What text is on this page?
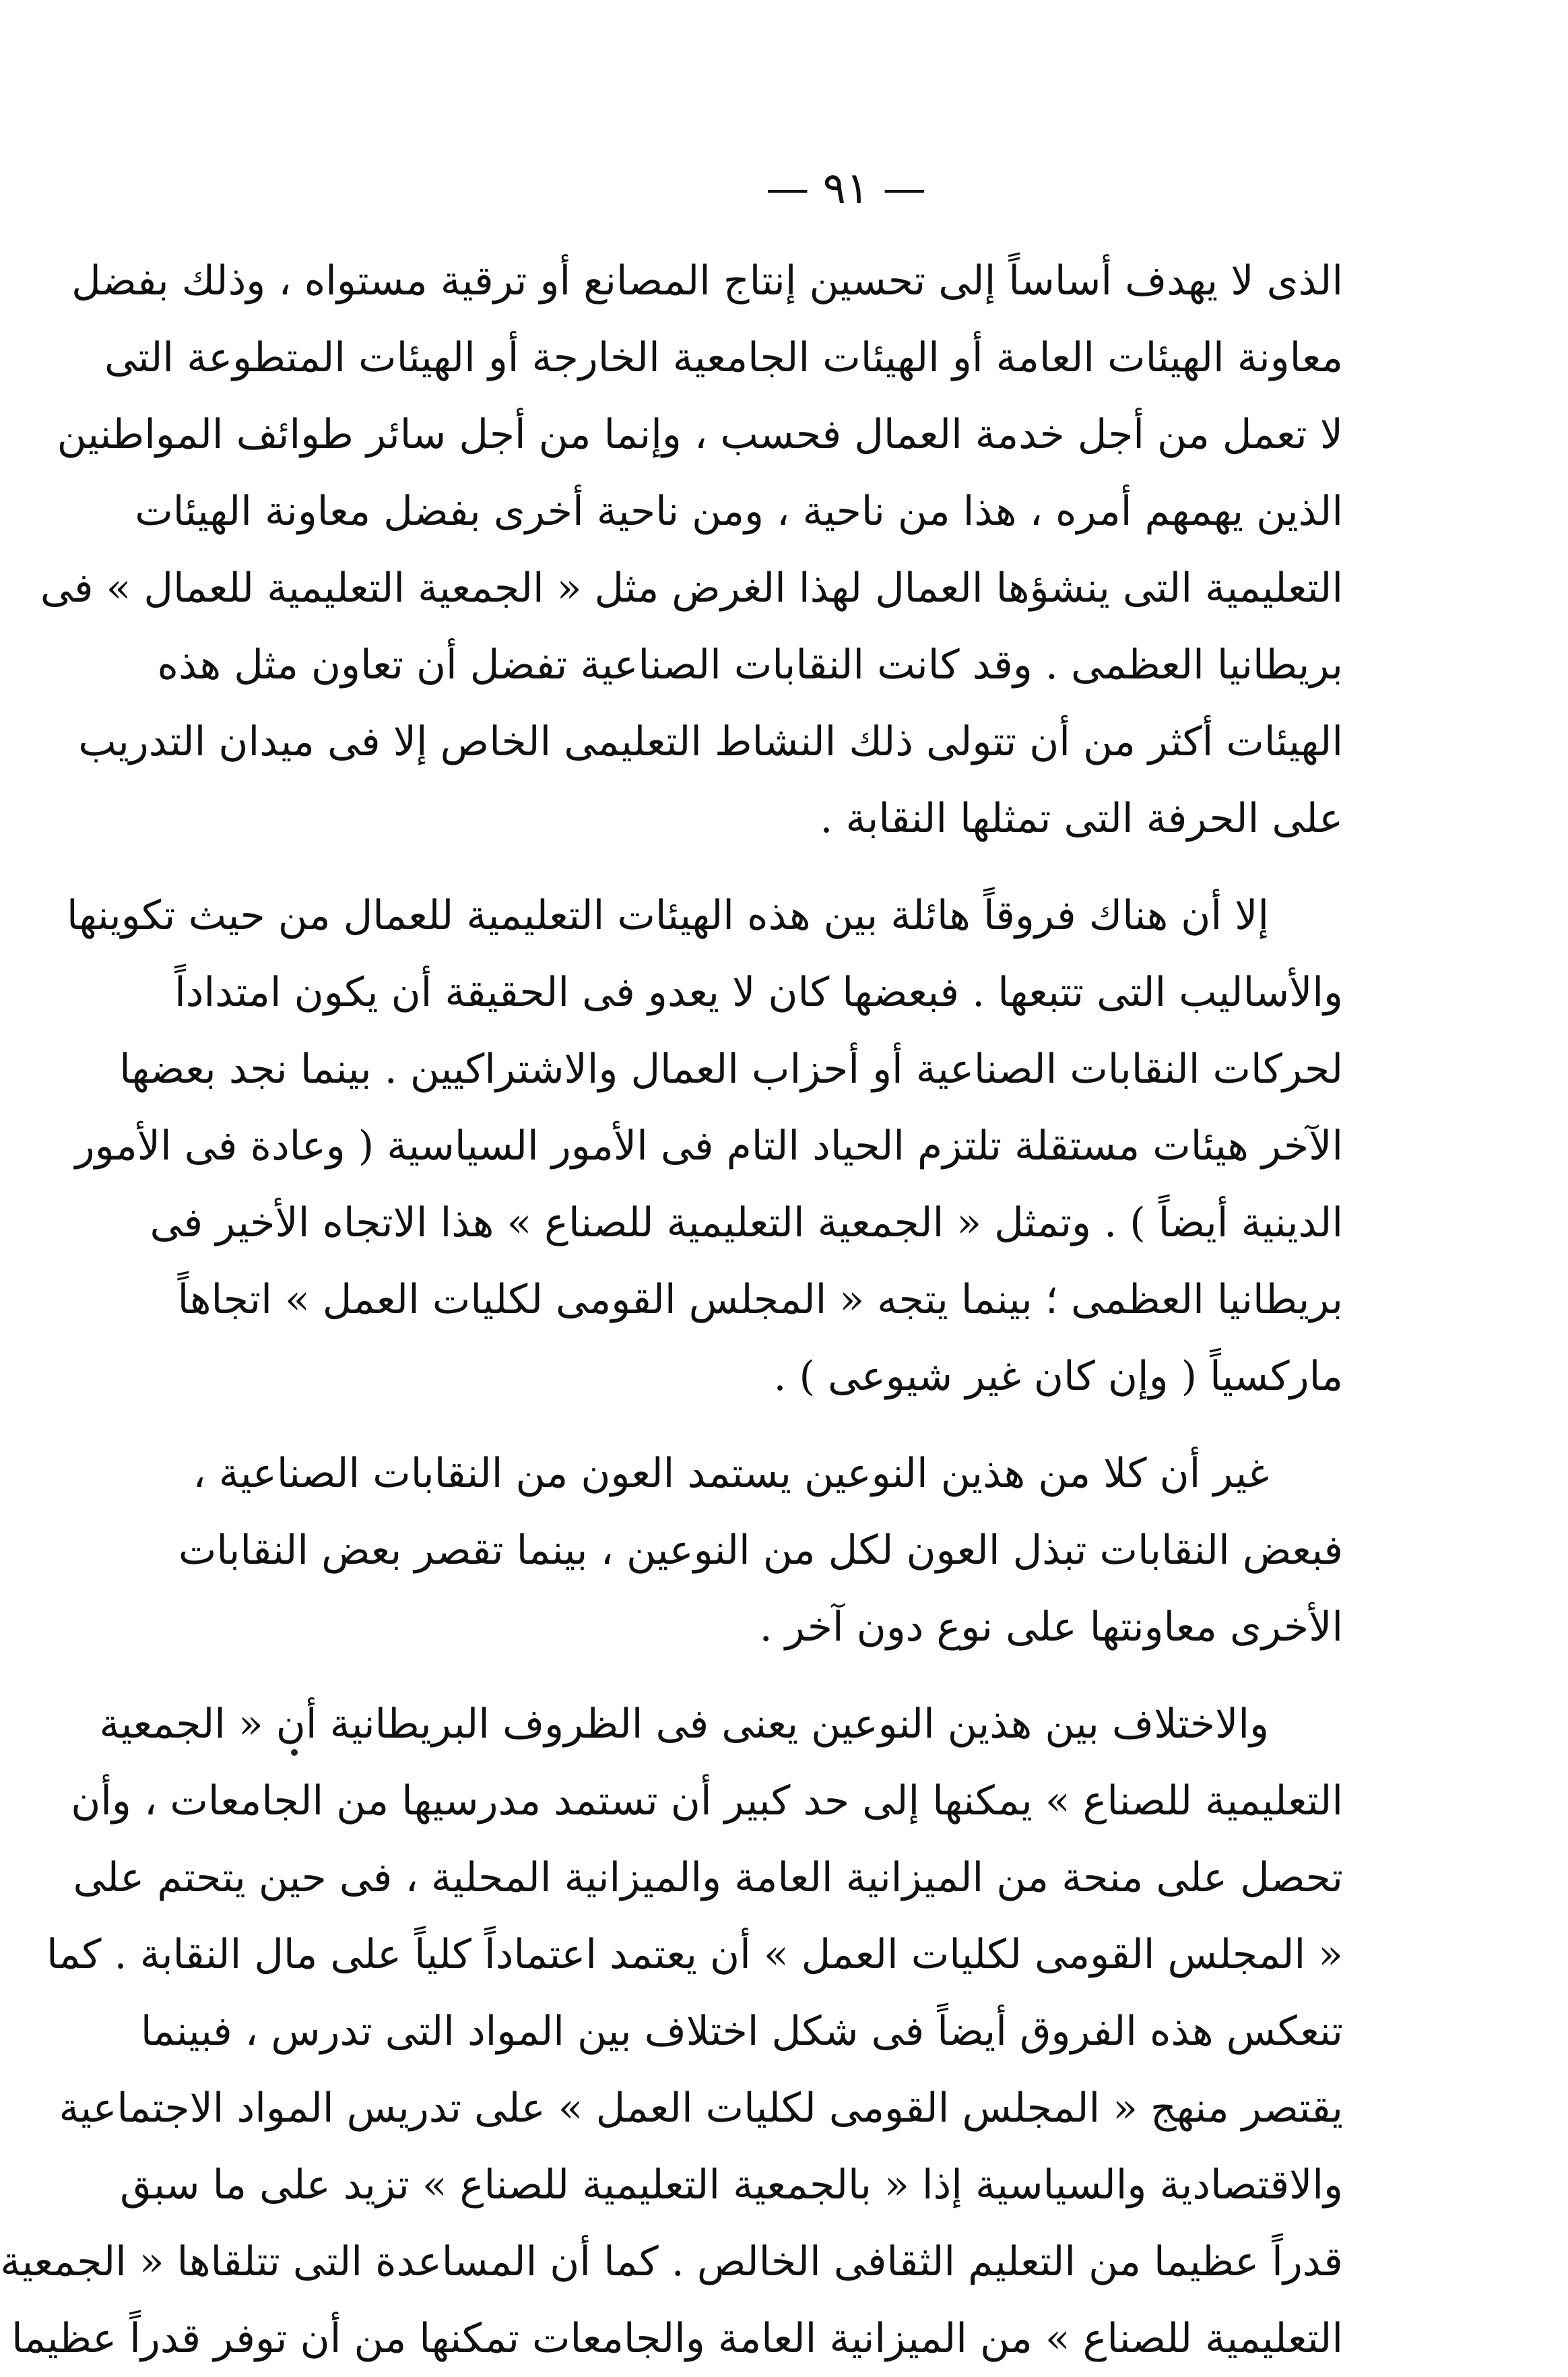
— ٩١ —
الذى لا يهدف أساساً إلى تحسين إنتاج المصانع أو ترقية مستواه ، وذلك بفضل
معاونة الهيئات العامة أو الهيئات الجامعية الخارجة أو الهيئات المتطوعة التى
لا تعمل من أجل خدمة العمال فحسب ، وإنما من أجل سائر طوائف المواطنين
الذين يهمهم أمره ، هذا من ناحية ، ومن ناحية أخرى بفضل معاونة الهيئات
التعليمية التى ينشؤها العمال لهذا الغرض مثل « الجمعية التعليمية للعمال » فى
بريطانيا العظمى . وقد كانت النقابات الصناعية تفضل أن تعاون مثل هذه
الهيئات أكثر من أن تتولى ذلك النشاط التعليمى الخاص إلا فى ميدان التدريب
على الحرفة التى تمثلها النقابة .
إلا أن هناك فروقاً هائلة بين هذه الهيئات التعليمية للعمال من حيث تكوينها
والأساليب التى تتبعها . فبعضها كان لا يعدو فى الحقيقة أن يكون امتداداً
لحركات النقابات الصناعية أو أحزاب العمال والاشتراكيين . بينما نجد بعضها
الآخر هيئات مستقلة تلتزم الحياد التام فى الأمور السياسية ( وعادة فى الأمور
الدينية أيضاً ) . وتمثل « الجمعية التعليمية للصناع » هذا الاتجاه الأخير فى
بريطانيا العظمى ؛ بينما يتجه « المجلس القومى لكليات العمل » اتجاهاً
ماركسياً ( وإن كان غير شيوعى ) .
غير أن كلا من هذين النوعين يستمد العون من النقابات الصناعية ،
فبعض النقابات تبذل العون لكل من النوعين ، بينما تقصر بعض النقابات
الأخرى معاونتها على نوع دون آخر .
والاختلاف بين هذين النوعين يعنى فى الظروف البريطانية أن « الجمعية
التعليمية للصناع » يمكنها إلى حد كبير أن تستمد مدرسيها من الجامعات ، وأن
تحصل على منحة من الميزانية العامة والميزانية المحلية ، فى حين يتحتم على
« المجلس القومى لكليات العمل » أن يعتمد اعتماداً كلياً على مال النقابة . كما
تنعكس هذه الفروق أيضاً فى شكل اختلاف بين المواد التى تدرس ، فبينما
يقتصر منهج « المجلس القومى لكليات العمل » على تدريس المواد الاجتماعية
والاقتصادية والسياسية إذا « بالجمعية التعليمية للصناع » تزيد على ما سبق
قدراً عظيما من التعليم الثقافى الخالص . كما أن المساعدة التى تتلقاها « الجمعية
التعليمية للصناع » من الميزانية العامة والجامعات تمكنها من أن توفر قدراً عظيما
